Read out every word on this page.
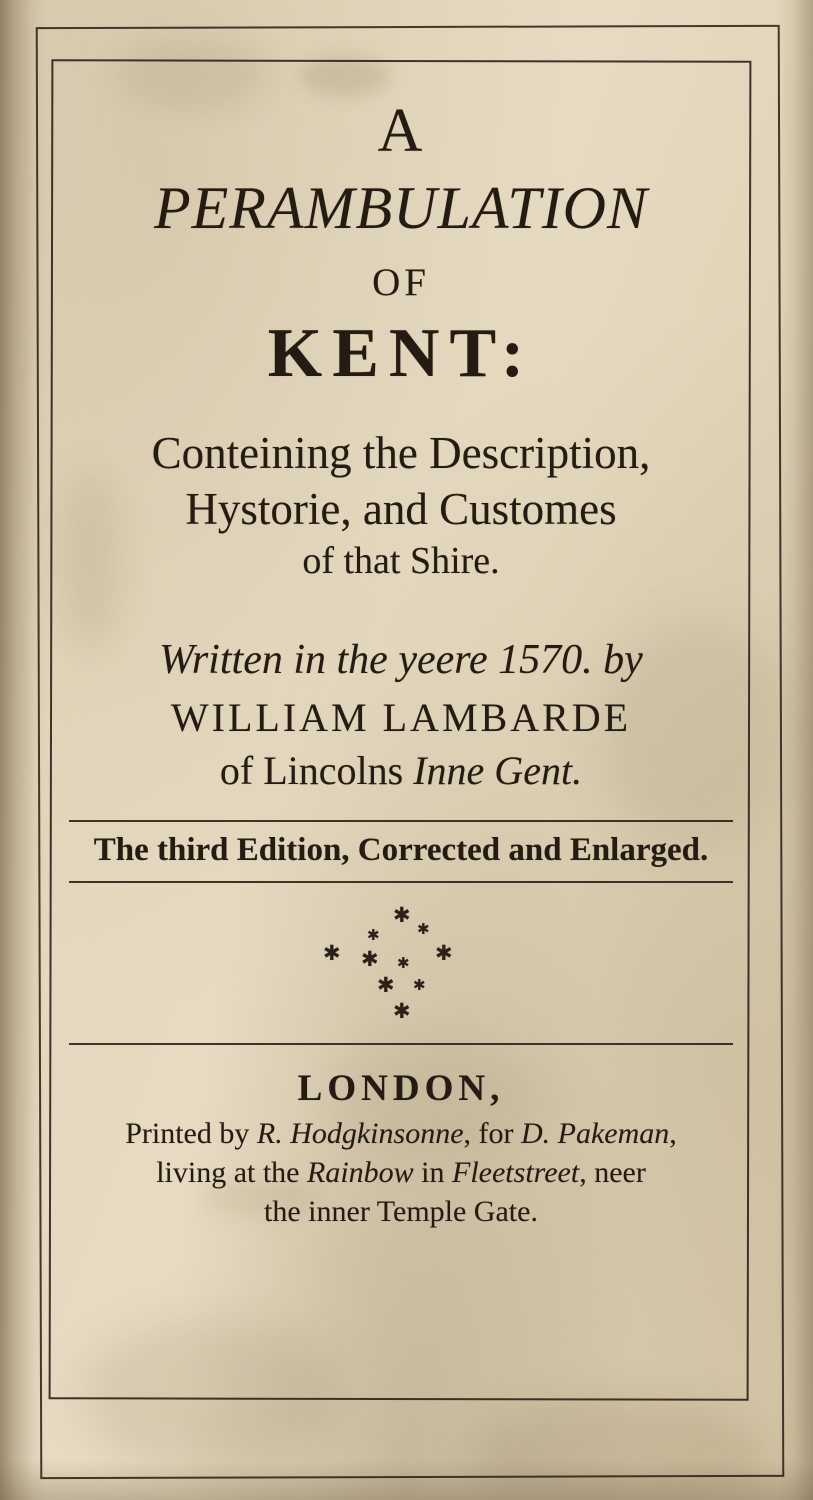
A
PERAMBULATION
OF
KENT:
Conteining the Description,
Hystorie, and Customes
of that Shire.
Written in the yeere 1570. by
WILLIAM LAMBARDE
of Lincolns Inne Gent.
The third Edition, Corrected and Enlarged.
✱
✱
✱
✱ ✱ ✱ ✱
✱ ✱
✱
LONDON,
Printed by R. Hodgkinsonne, for D. Pakeman,
living at the Rainbow in Fleetstreet, neer
the inner Temple Gate.
